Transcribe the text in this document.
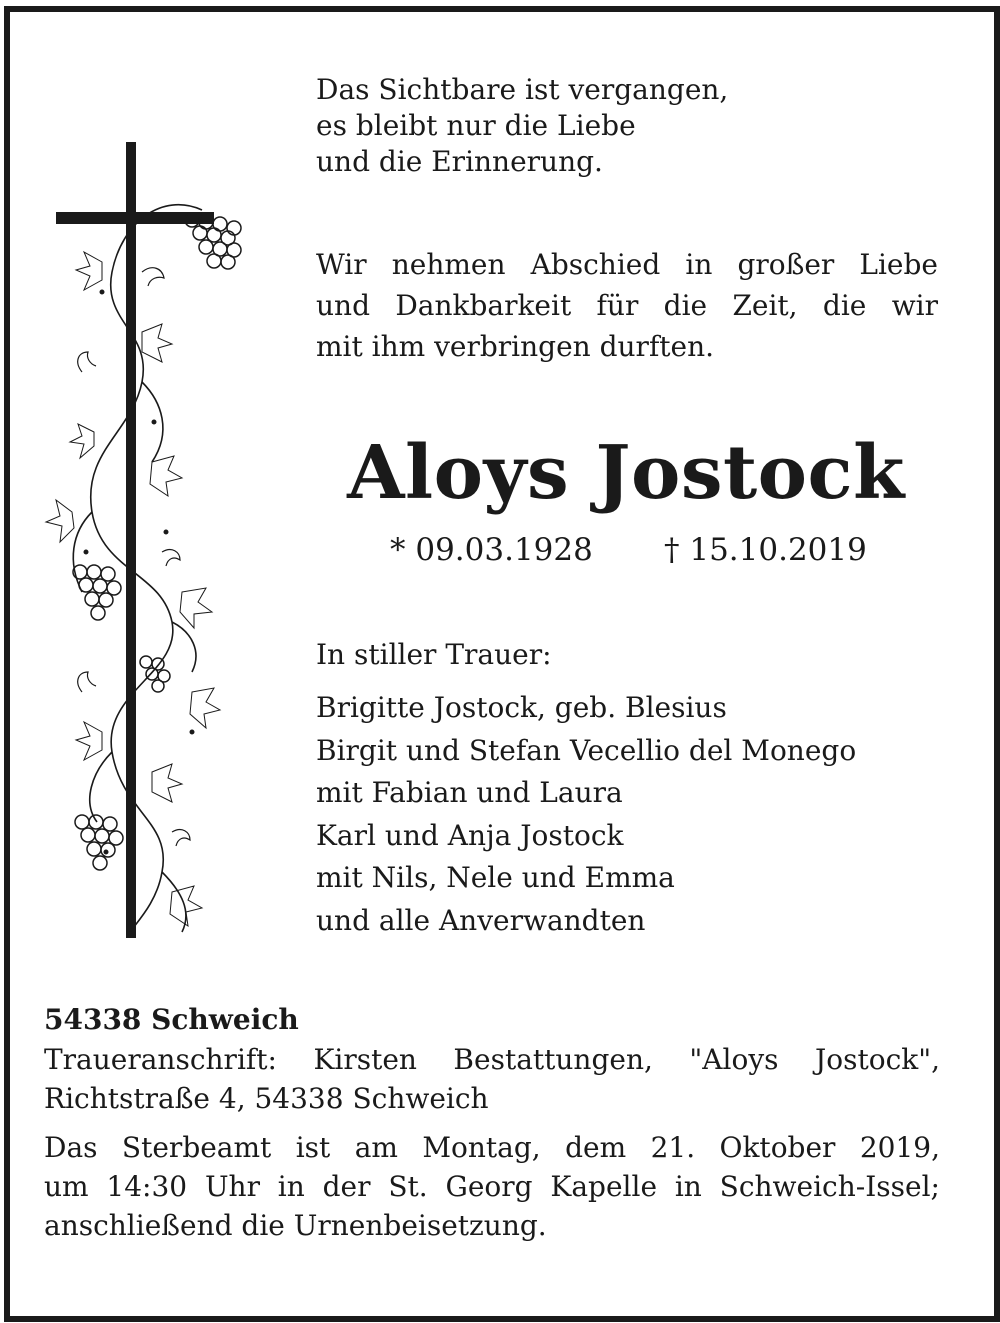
Das Sichtbare ist vergangen,
es bleibt nur die Liebe
und die Erinnerung.
Wir nehmen Abschied in großer Liebe
und Dankbarkeit für die Zeit, die wir
mit ihm verbringen durften.
Aloys Jostock
* 09.03.1928 † 15.10.2019
In stiller Trauer:
Brigitte Jostock, geb. Blesius
Birgit und Stefan Vecellio del Monego
mit Fabian und Laura
Karl und Anja Jostock
mit Nils, Nele und Emma
und alle Anverwandten
54338 Schweich
Traueranschrift: Kirsten Bestattungen, "Aloys Jostock",
Richtstraße 4, 54338 Schweich
Das Sterbeamt ist am Montag, dem 21. Oktober 2019,
um 14:30 Uhr in der St. Georg Kapelle in Schweich-Issel;
anschließend die Urnenbeisetzung.
